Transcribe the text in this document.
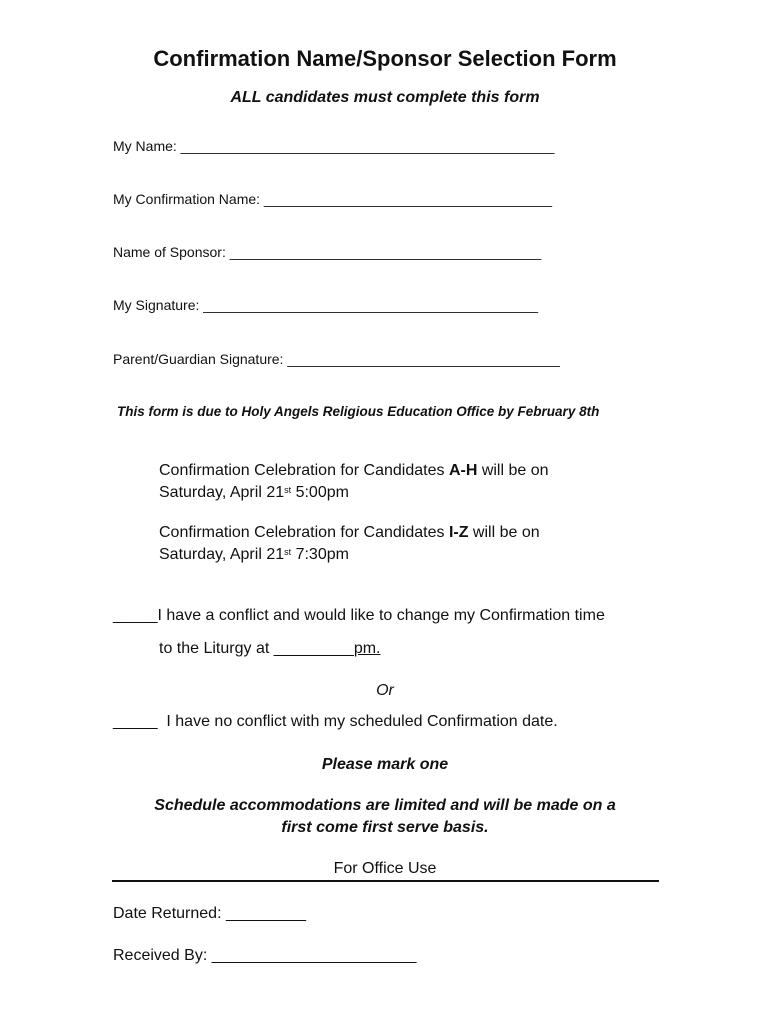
Confirmation Name/Sponsor Selection Form
ALL candidates must complete this form
My Name: ________________________________________________
My Confirmation Name: _____________________________________
Name of Sponsor: ________________________________________
My Signature: ___________________________________________
Parent/Guardian Signature: ___________________________________
This form is due to Holy Angels Religious Education Office by February 8th
Confirmation Celebration for Candidates A-H will be on
Saturday, April 21st 5:00pm
Confirmation Celebration for Candidates I-Z will be on
Saturday, April 21st 7:30pm
_____I have a conflict and would like to change my Confirmation time
to the Liturgy at _________pm.
Or
_____  I have no conflict with my scheduled Confirmation date.
Please mark one
Schedule accommodations are limited and will be made on a
first come first serve basis.
For Office Use
Date Returned: _________
Received By: _______________________
